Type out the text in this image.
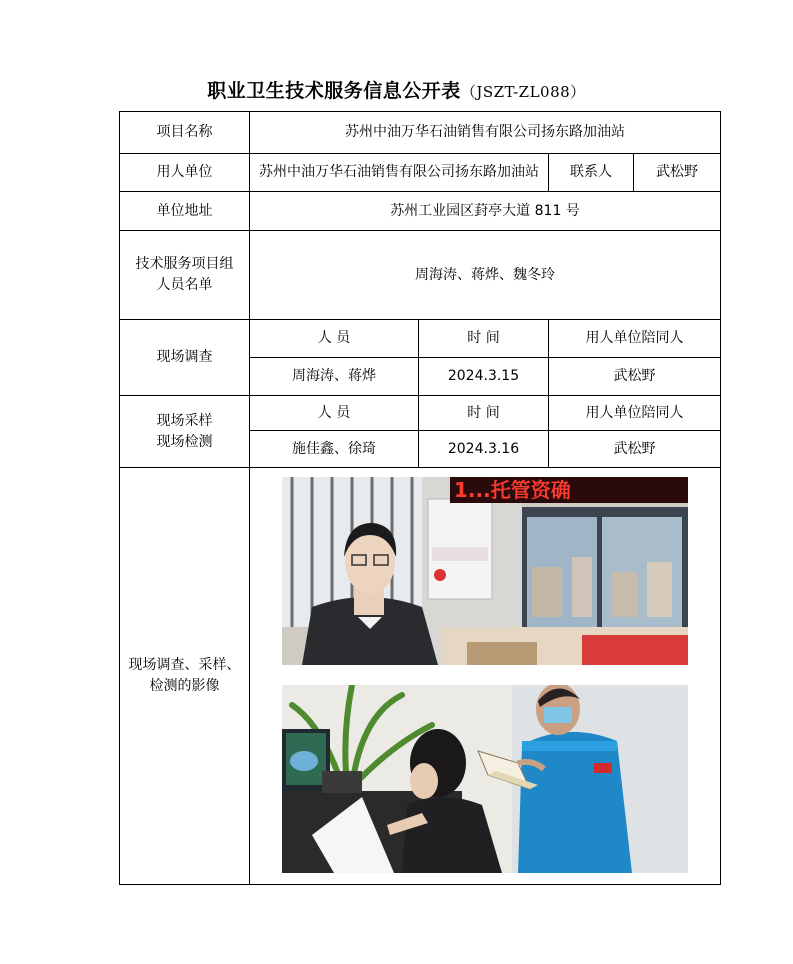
职业卫生技术服务信息公开表（JSZT-ZL088）
项目名称	苏州中油万华石油销售有限公司扬东路加油站			
用人单位	苏州中油万华石油销售有限公司扬东路加油站		联系人	武松野
单位地址	苏州工业园区葑亭大道 811 号			

技术服务项目组
人员名单	周海涛、蒋烨、魏冬玲			
现场调查	人 员	时 间	用人单位陪同人	
	周海涛、蒋烨	2024.3.15	武松野	

现场采样
现场检测	人 员	时 间	用人单位陪同人	
	施佳鑫、徐琦	2024.3.16	武松野	

现场调查、采样、
检测的影像	1...托管资确			
